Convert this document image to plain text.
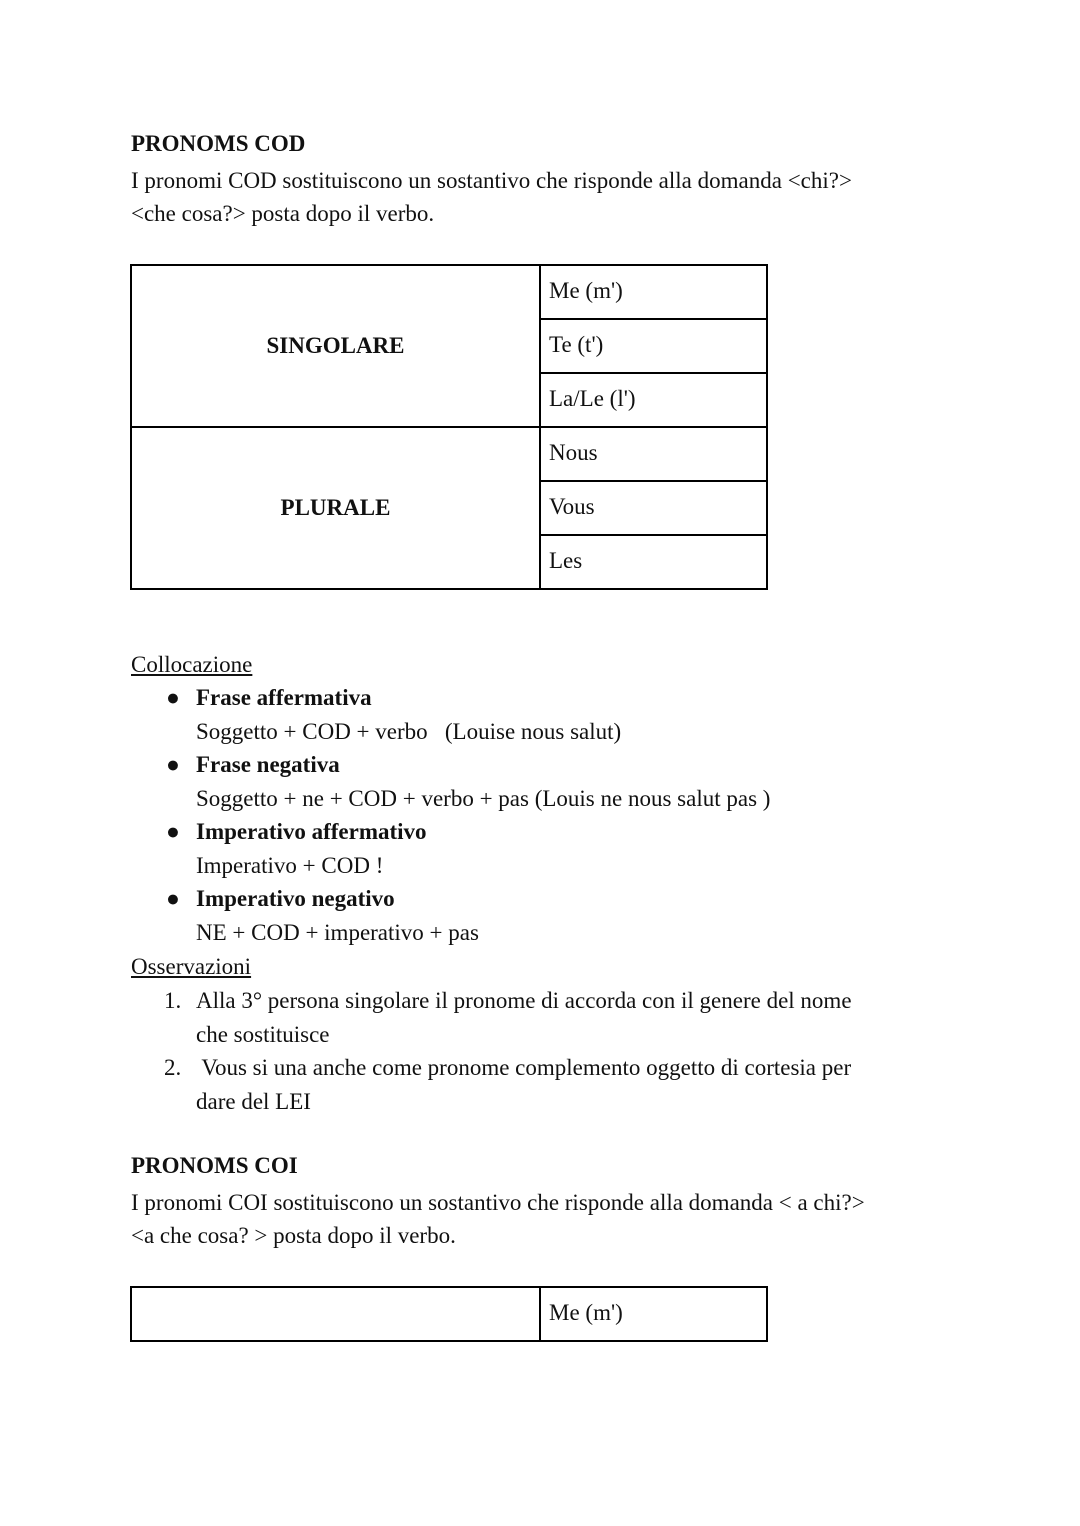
PRONOMS COD
I pronomi COD sostituiscono un sostantivo che risponde alla domanda <chi?>
<che cosa?> posta dopo il verbo.
SINGOLARE	Me (m')
	Te (t')
	La/Le (l')
PLURALE	Nous
	Vous
	Les
Collocazione
● Frase affermativa
Soggetto + COD + verbo   (Louise nous salut)
● Frase negativa
Soggetto + ne + COD + verbo + pas (Louis ne nous salut pas )
● Imperativo affermativo
Imperativo + COD !
● Imperativo negativo
NE + COD + imperativo + pas
Osservazioni
1. Alla 3° persona singolare il pronome di accorda con il genere del nome
che sostituisce
2. Vous si una anche come pronome complemento oggetto di cortesia per
dare del LEI
PRONOMS COI
I pronomi COI sostituiscono un sostantivo che risponde alla domanda < a chi?>
<a che cosa? > posta dopo il verbo.
	Me (m')
